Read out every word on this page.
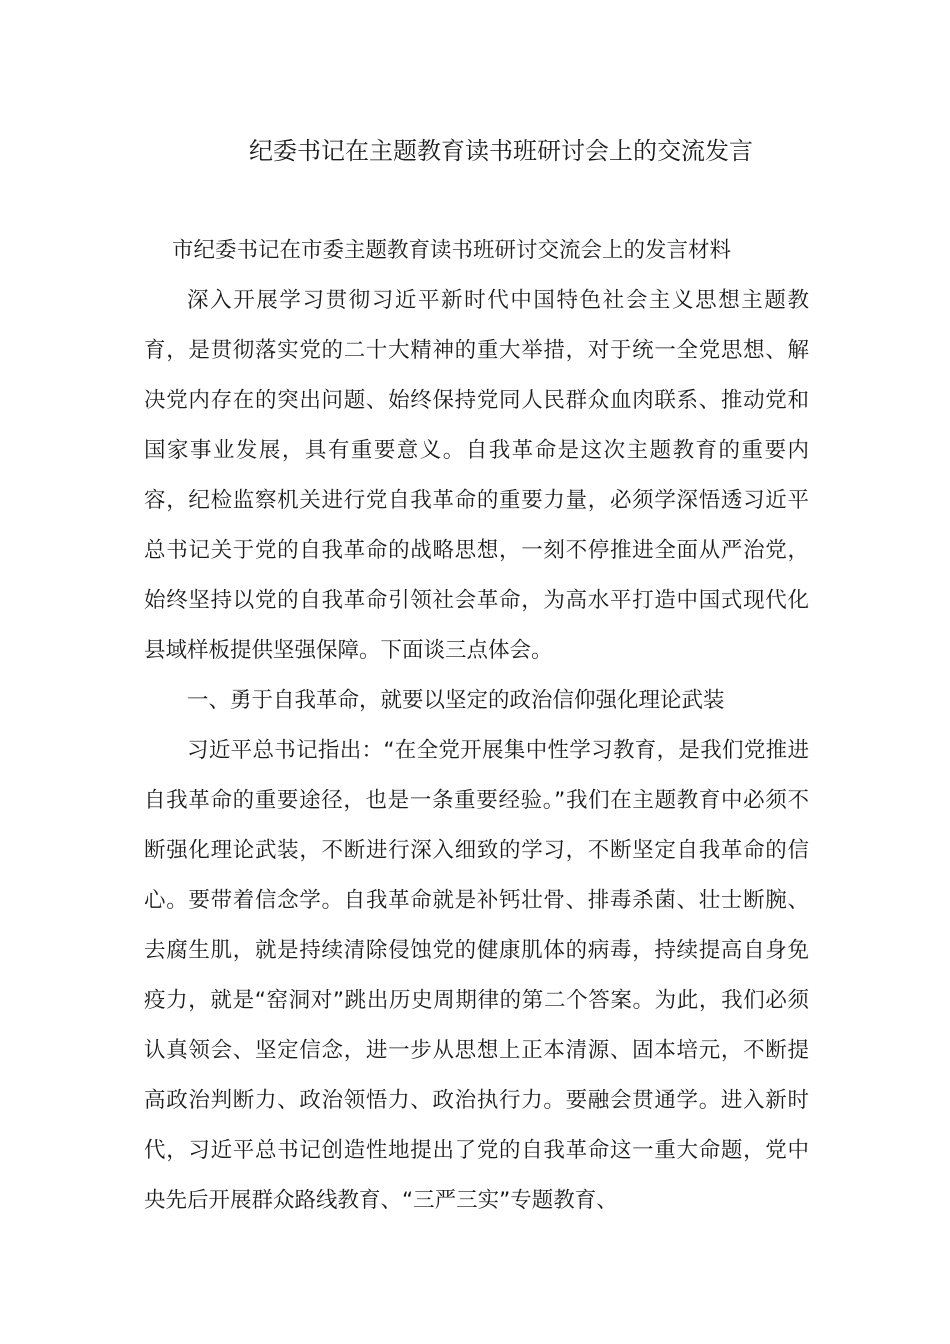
纪委书记在主题教育读书班研讨会上的交流发言

市纪委书记在市委主题教育读书班研讨交流会上的发言材料

深入开展学习贯彻习近平新时代中国特色社会主义思想主题教育，是贯彻落实党的二十大精神的重大举措，对于统一全党思想、解决党内存在的突出问题、始终保持党同人民群众血肉联系、推动党和国家事业发展，具有重要意义。自我革命是这次主题教育的重要内容，纪检监察机关进行党自我革命的重要力量，必须学深悟透习近平总书记关于党的自我革命的战略思想，一刻不停推进全面从严治党，始终坚持以党的自我革命引领社会革命，为高水平打造中国式现代化县域样板提供坚强保障。下面谈三点体会。

一、勇于自我革命，就要以坚定的政治信仰强化理论武装

习近平总书记指出：“在全党开展集中性学习教育，是我们党推进自我革命的重要途径，也是一条重要经验。”我们在主题教育中必须不断强化理论武装，不断进行深入细致的学习，不断坚定自我革命的信心。要带着信念学。自我革命就是补钙壮骨、排毒杀菌、壮士断腕、去腐生肌，就是持续清除侵蚀党的健康肌体的病毒，持续提高自身免疫力，就是“窑洞对”跳出历史周期律的第二个答案。为此，我们必须认真领会、坚定信念，进一步从思想上正本清源、固本培元，不断提高政治判断力、政治领悟力、政治执行力。要融会贯通学。进入新时代，习近平总书记创造性地提出了党的自我革命这一重大命题，党中央先后开展群众路线教育、“三严三实”专题教育、
